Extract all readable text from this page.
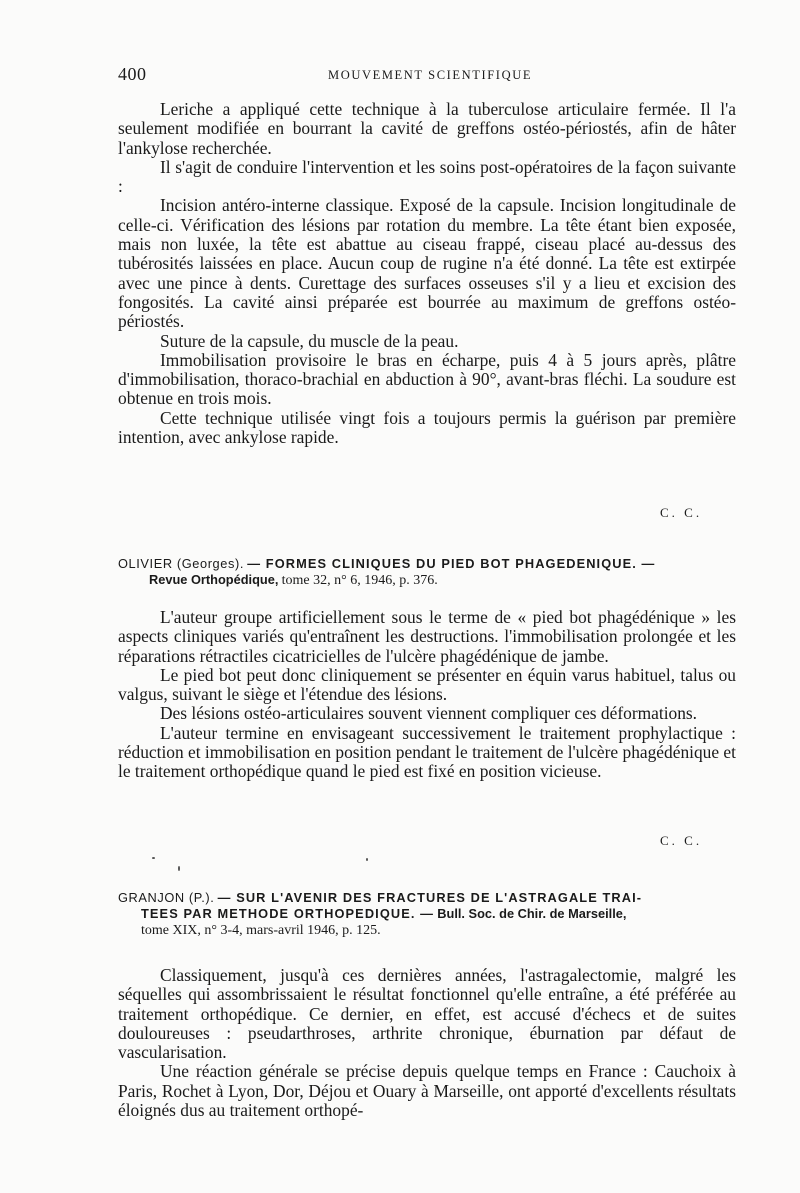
400	MOUVEMENT SCIENTIFIQUE

Leriche a appliqué cette technique à la tuberculose articulaire fermée. Il l'a seulement modifiée en bourrant la cavité de greffons ostéo-périostés, afin de hâter l'ankylose recherchée.

Il s'agit de conduire l'intervention et les soins post-opératoires de la façon suivante :

Incision antéro-interne classique. Exposé de la capsule. Incision longitudinale de celle-ci. Vérification des lésions par rotation du membre. La tête étant bien exposée, mais non luxée, la tête est abattue au ciseau frappé, ciseau placé au-dessus des tubérosités laissées en place. Aucun coup de rugine n'a été donné. La tête est extirpée avec une pince à dents. Curettage des surfaces osseuses s'il y a lieu et excision des fongosités. La cavité ainsi préparée est bourrée au maximum de greffons ostéo-périostés.

Suture de la capsule, du muscle de la peau.

Immobilisation provisoire le bras en écharpe, puis 4 à 5 jours après, plâtre d'immobilisation, thoraco-brachial en abduction à 90°, avant-bras fléchi. La soudure est obtenue en trois mois.

Cette technique utilisée vingt fois a toujours permis la guérison par première intention, avec ankylose rapide.

C. C.

OLIVIER (Georges). — FORMES CLINIQUES DU PIED BOT PHAGEDENIQUE. —

Revue Orthopédique, tome 32, n° 6, 1946, p. 376.

L'auteur groupe artificiellement sous le terme de « pied bot phagédénique » les aspects cliniques variés qu'entraînent les destructions. l'immobilisation prolongée et les réparations rétractiles cicatricielles de l'ulcère phagédénique de jambe.

Le pied bot peut donc cliniquement se présenter en équin varus habituel, talus ou valgus, suivant le siège et l'étendue des lésions.

Des lésions ostéo-articulaires souvent viennent compliquer ces déformations.

L'auteur termine en envisageant successivement le traitement prophylactique : réduction et immobilisation en position pendant le traitement de l'ulcère phagédénique et le traitement orthopédique quand le pied est fixé en position vicieuse.

C. C.

GRANJON (P.). — SUR L'AVENIR DES FRACTURES DE L'ASTRAGALE TRAI-

TEES PAR METHODE ORTHOPEDIQUE. — Bull. Soc. de Chir. de Marseille,

tome XIX, n° 3-4, mars-avril 1946, p. 125.

Classiquement, jusqu'à ces dernières années, l'astragalectomie, malgré les séquelles qui assombrissaient le résultat fonctionnel qu'elle entraîne, a été préférée au traitement orthopédique. Ce dernier, en effet, est accusé d'échecs et de suites douloureuses : pseudarthroses, arthrite chronique, éburnation par défaut de vascularisation.

Une réaction générale se précise depuis quelque temps en France : Cauchoix à Paris, Rochet à Lyon, Dor, Déjou et Ouary à Marseille, ont apporté d'excellents résultats éloignés dus au traitement orthopé-
